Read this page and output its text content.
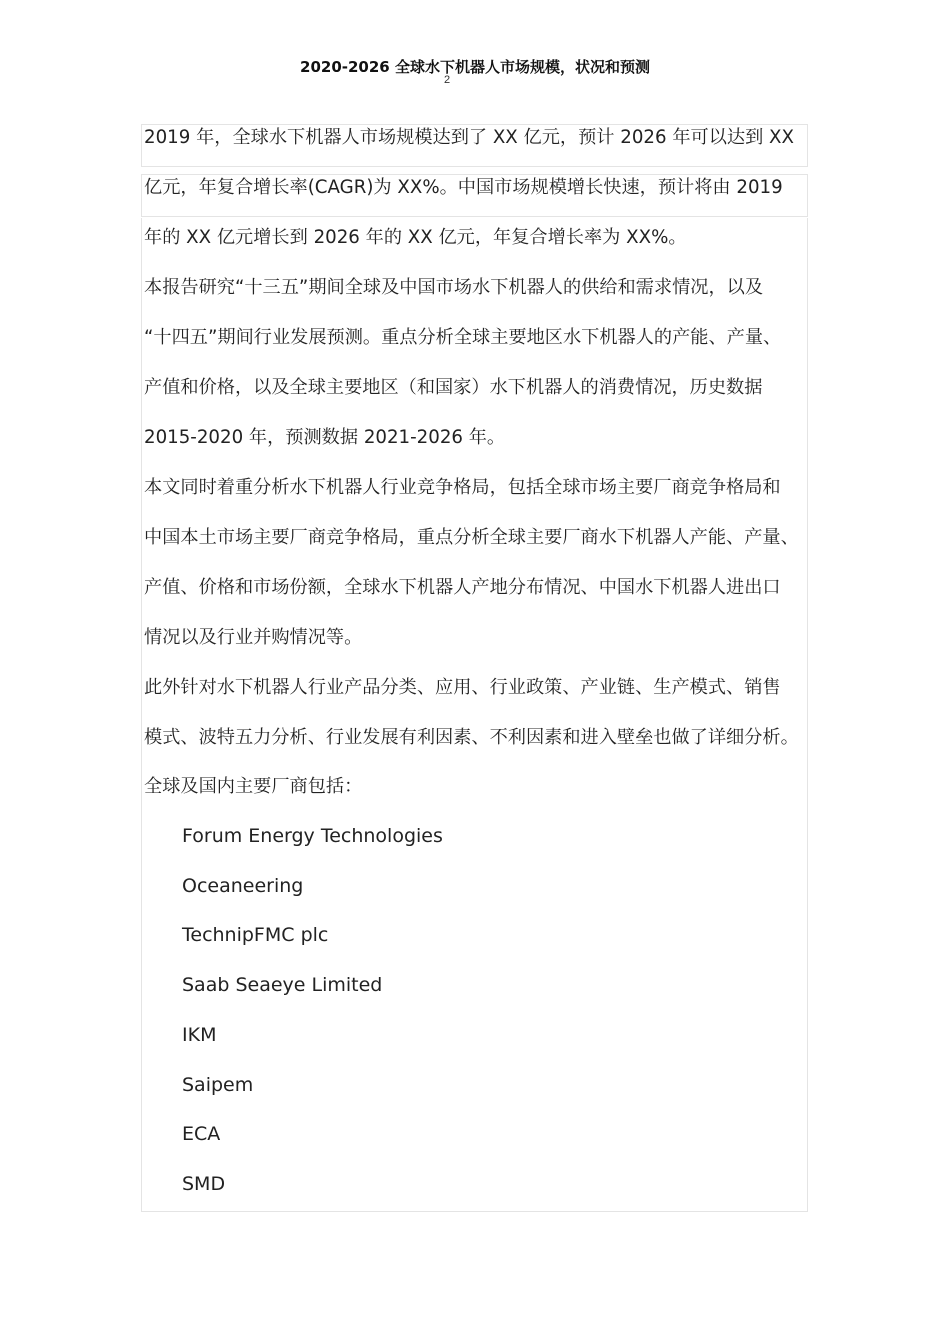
2020-2026 全球水下机器人市场规模，状况和预测
2
2019 年，全球水下机器人市场规模达到了 XX 亿元，预计 2026 年可以达到 XX
亿元，年复合增长率(CAGR)为 XX%。中国市场规模增长快速，预计将由 2019
年的 XX 亿元增长到 2026 年的 XX 亿元，年复合增长率为 XX%。
本报告研究“十三五”期间全球及中国市场水下机器人的供给和需求情况，以及
“十四五”期间行业发展预测。重点分析全球主要地区水下机器人的产能、产量、
产值和价格，以及全球主要地区（和国家）水下机器人的消费情况，历史数据
2015-2020 年，预测数据 2021-2026 年。
本文同时着重分析水下机器人行业竞争格局，包括全球市场主要厂商竞争格局和
中国本土市场主要厂商竞争格局，重点分析全球主要厂商水下机器人产能、产量、
产值、价格和市场份额，全球水下机器人产地分布情况、中国水下机器人进出口
情况以及行业并购情况等。
此外针对水下机器人行业产品分类、应用、行业政策、产业链、生产模式、销售
模式、波特五力分析、行业发展有利因素、不利因素和进入壁垒也做了详细分析。
全球及国内主要厂商包括：
Forum Energy Technologies
Oceaneering
TechnipFMC plc
Saab Seaeye Limited
IKM
Saipem
ECA
SMD
